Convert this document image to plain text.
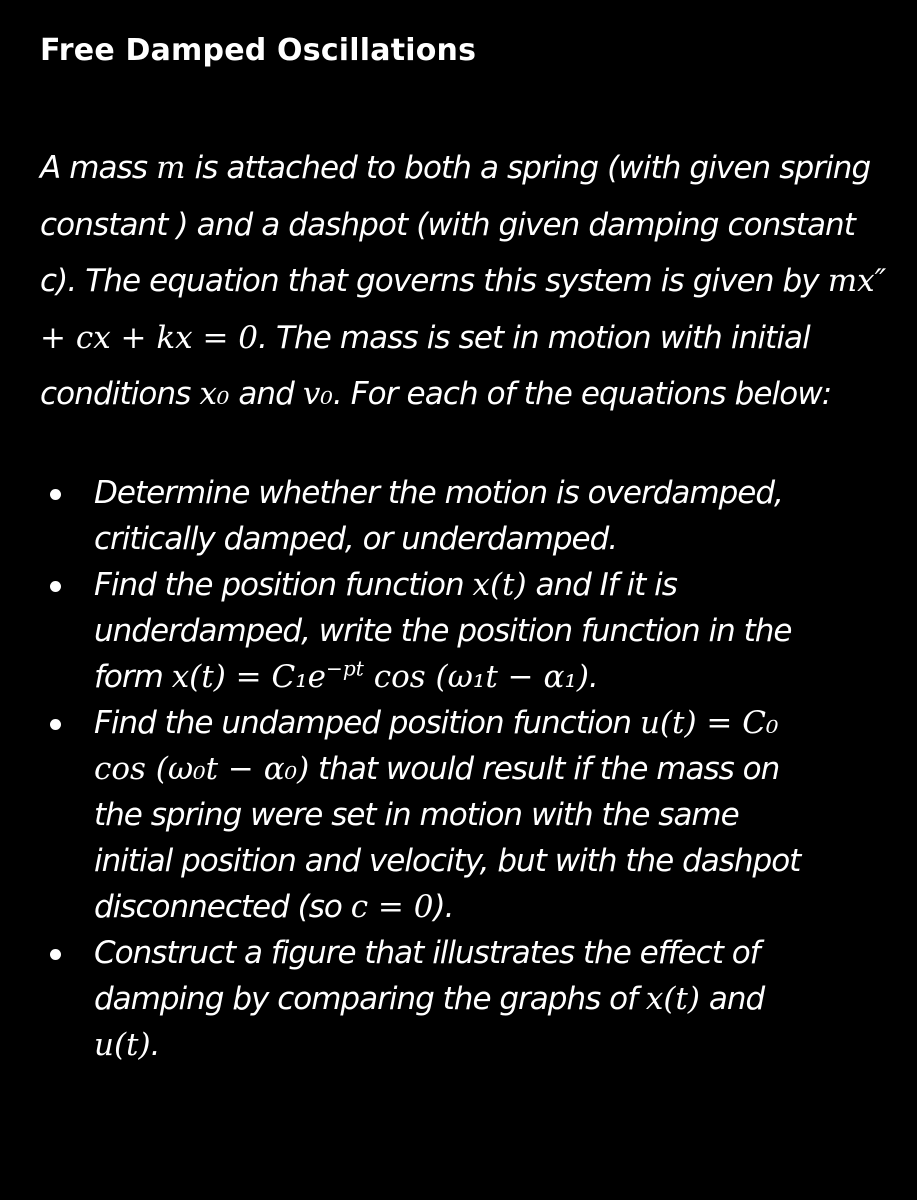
Free Damped Oscillations
A mass m is attached to both a spring (with given spring constant ) and a dashpot (with given damping constant c). The equation that governs this system is given by mx″ + cx + kx = 0. The mass is set in motion with initial conditions x₀ and v₀. For each of the equations below:
Determine whether the motion is overdamped, critically damped, or underdamped.
Find the position function x(t) and If it is underdamped, write the position function in the form $x(t) = C_1e^{-pt}$ cos (ω₁t − α₁).
Find the undamped position function u(t) = C₀ cos (ω₀t − α₀) that would result if the mass on the spring were set in motion with the same initial position and velocity, but with the dashpot disconnected (so c = 0).
Construct a figure that illustrates the effect of damping by comparing the graphs of x(t) and u(t).
